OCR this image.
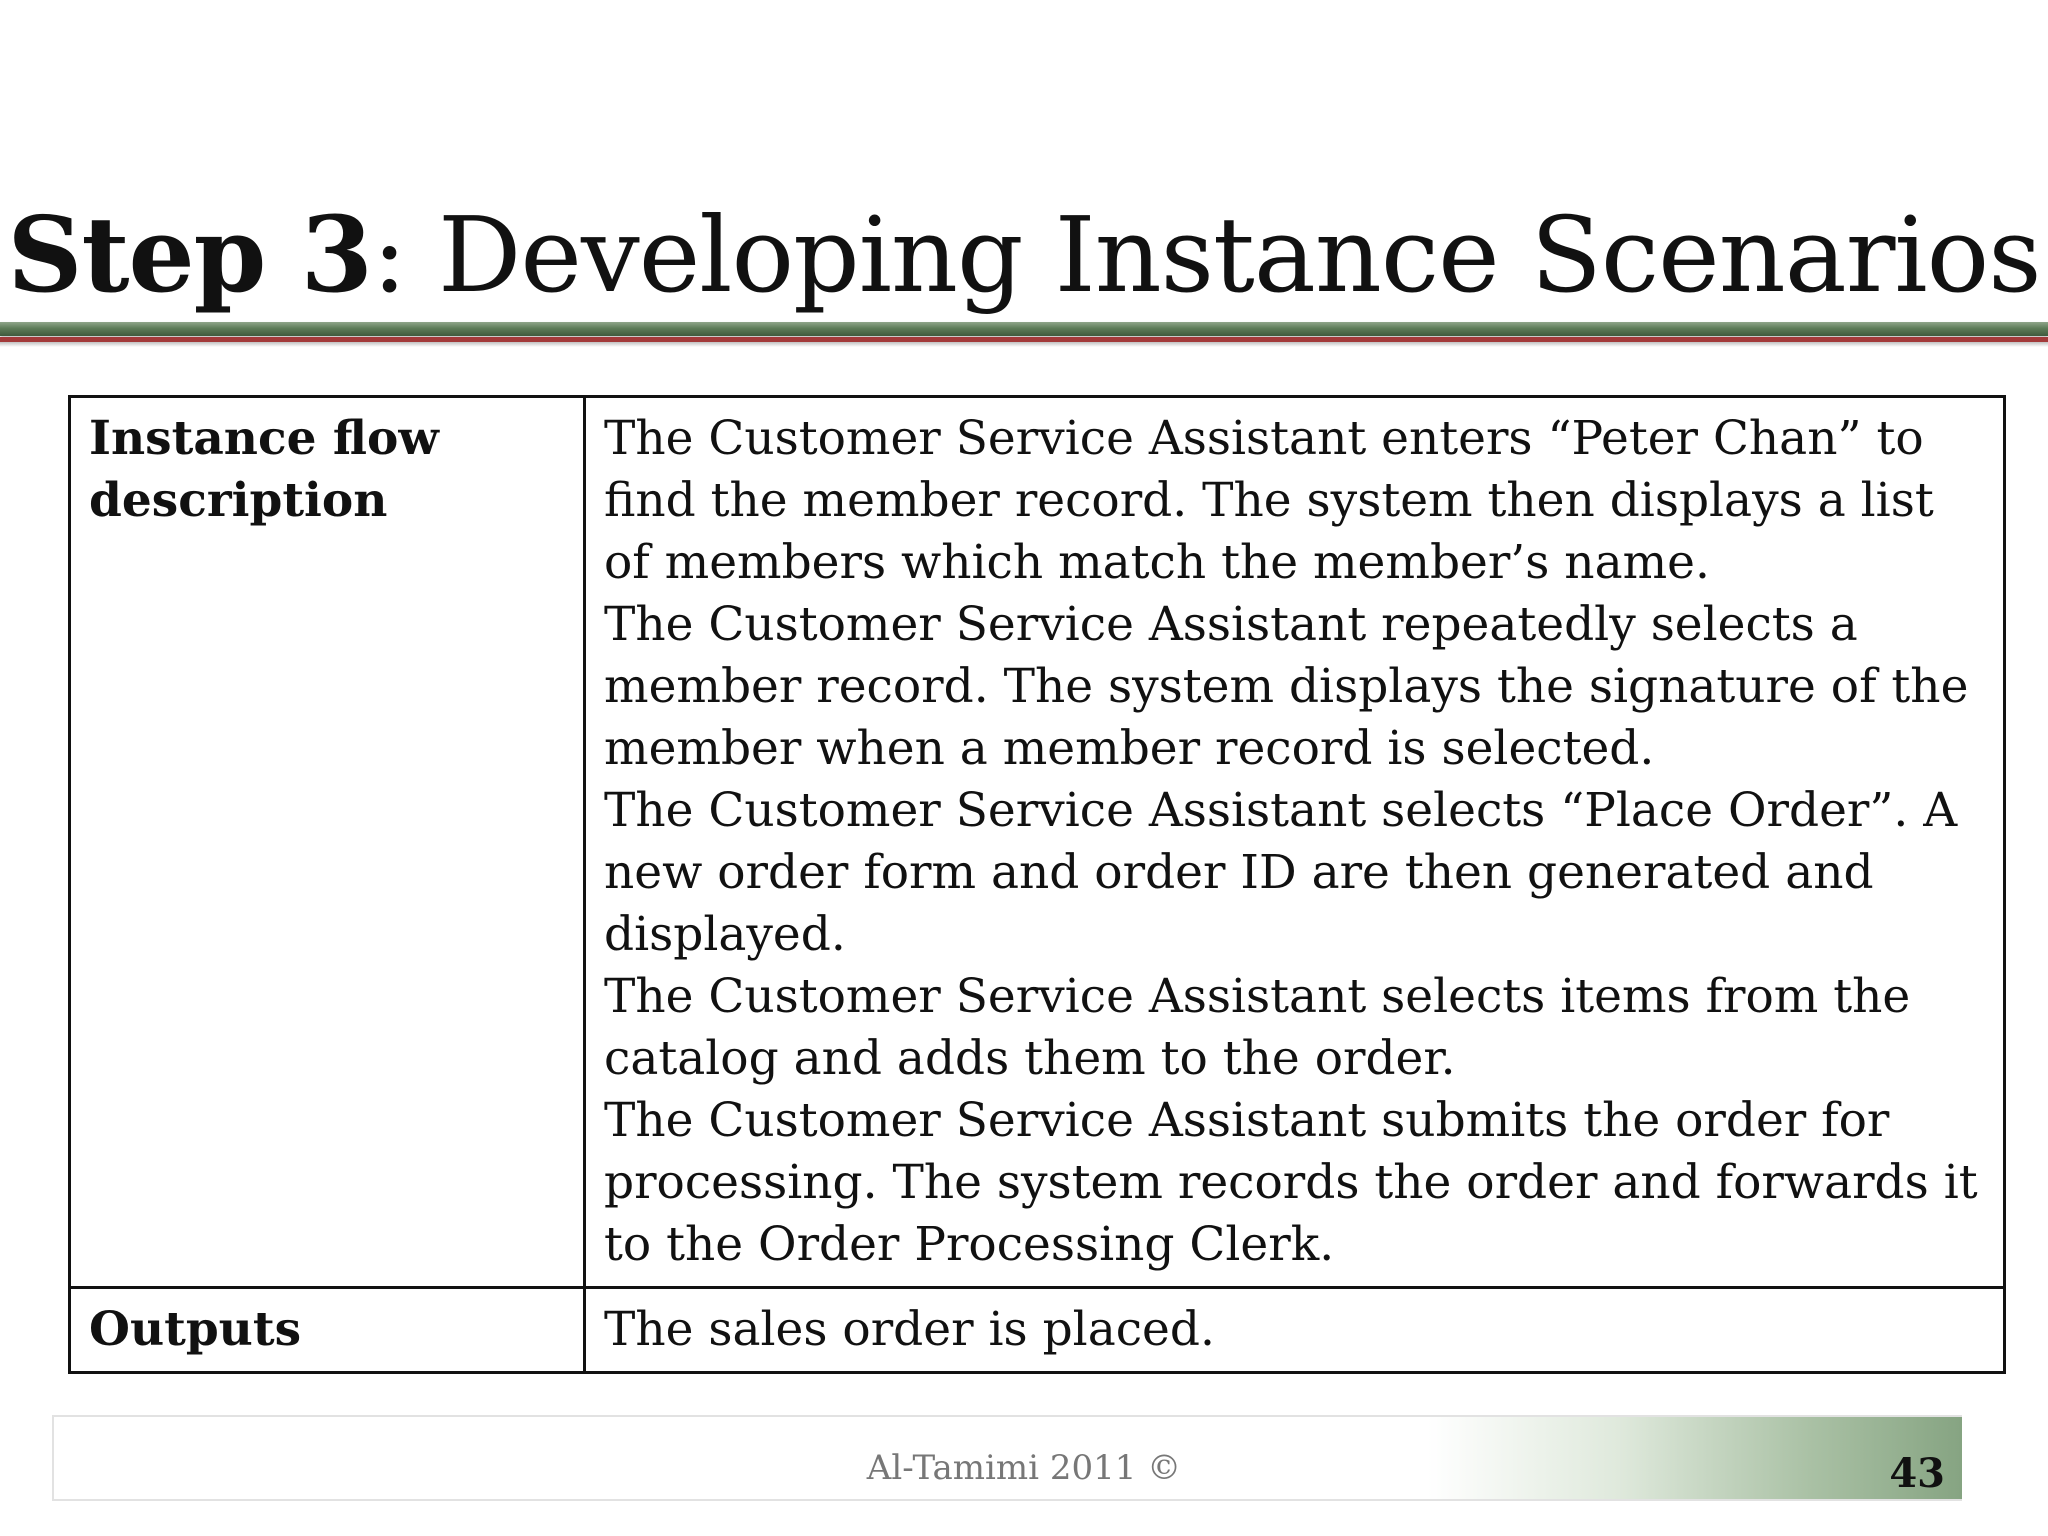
Step 3: Developing Instance Scenarios
Instance flow description	The Customer Service Assistant enters “Peter Chan” to find the member record. The system then displays a list of members which match the member’s name.

The Customer Service Assistant repeatedly selects a member record. The system displays the signature of the member when a member record is selected.

The Customer Service Assistant selects “Place Order”. A new order form and order ID are then generated and displayed.

The Customer Service Assistant selects items from the catalog and adds them to the order.

The Customer Service Assistant submits the order for processing. The system records the order and forwards it to the Order Processing Clerk.

Outputs	The sales order is placed.

Al-Tamimi 2011 ©	43
